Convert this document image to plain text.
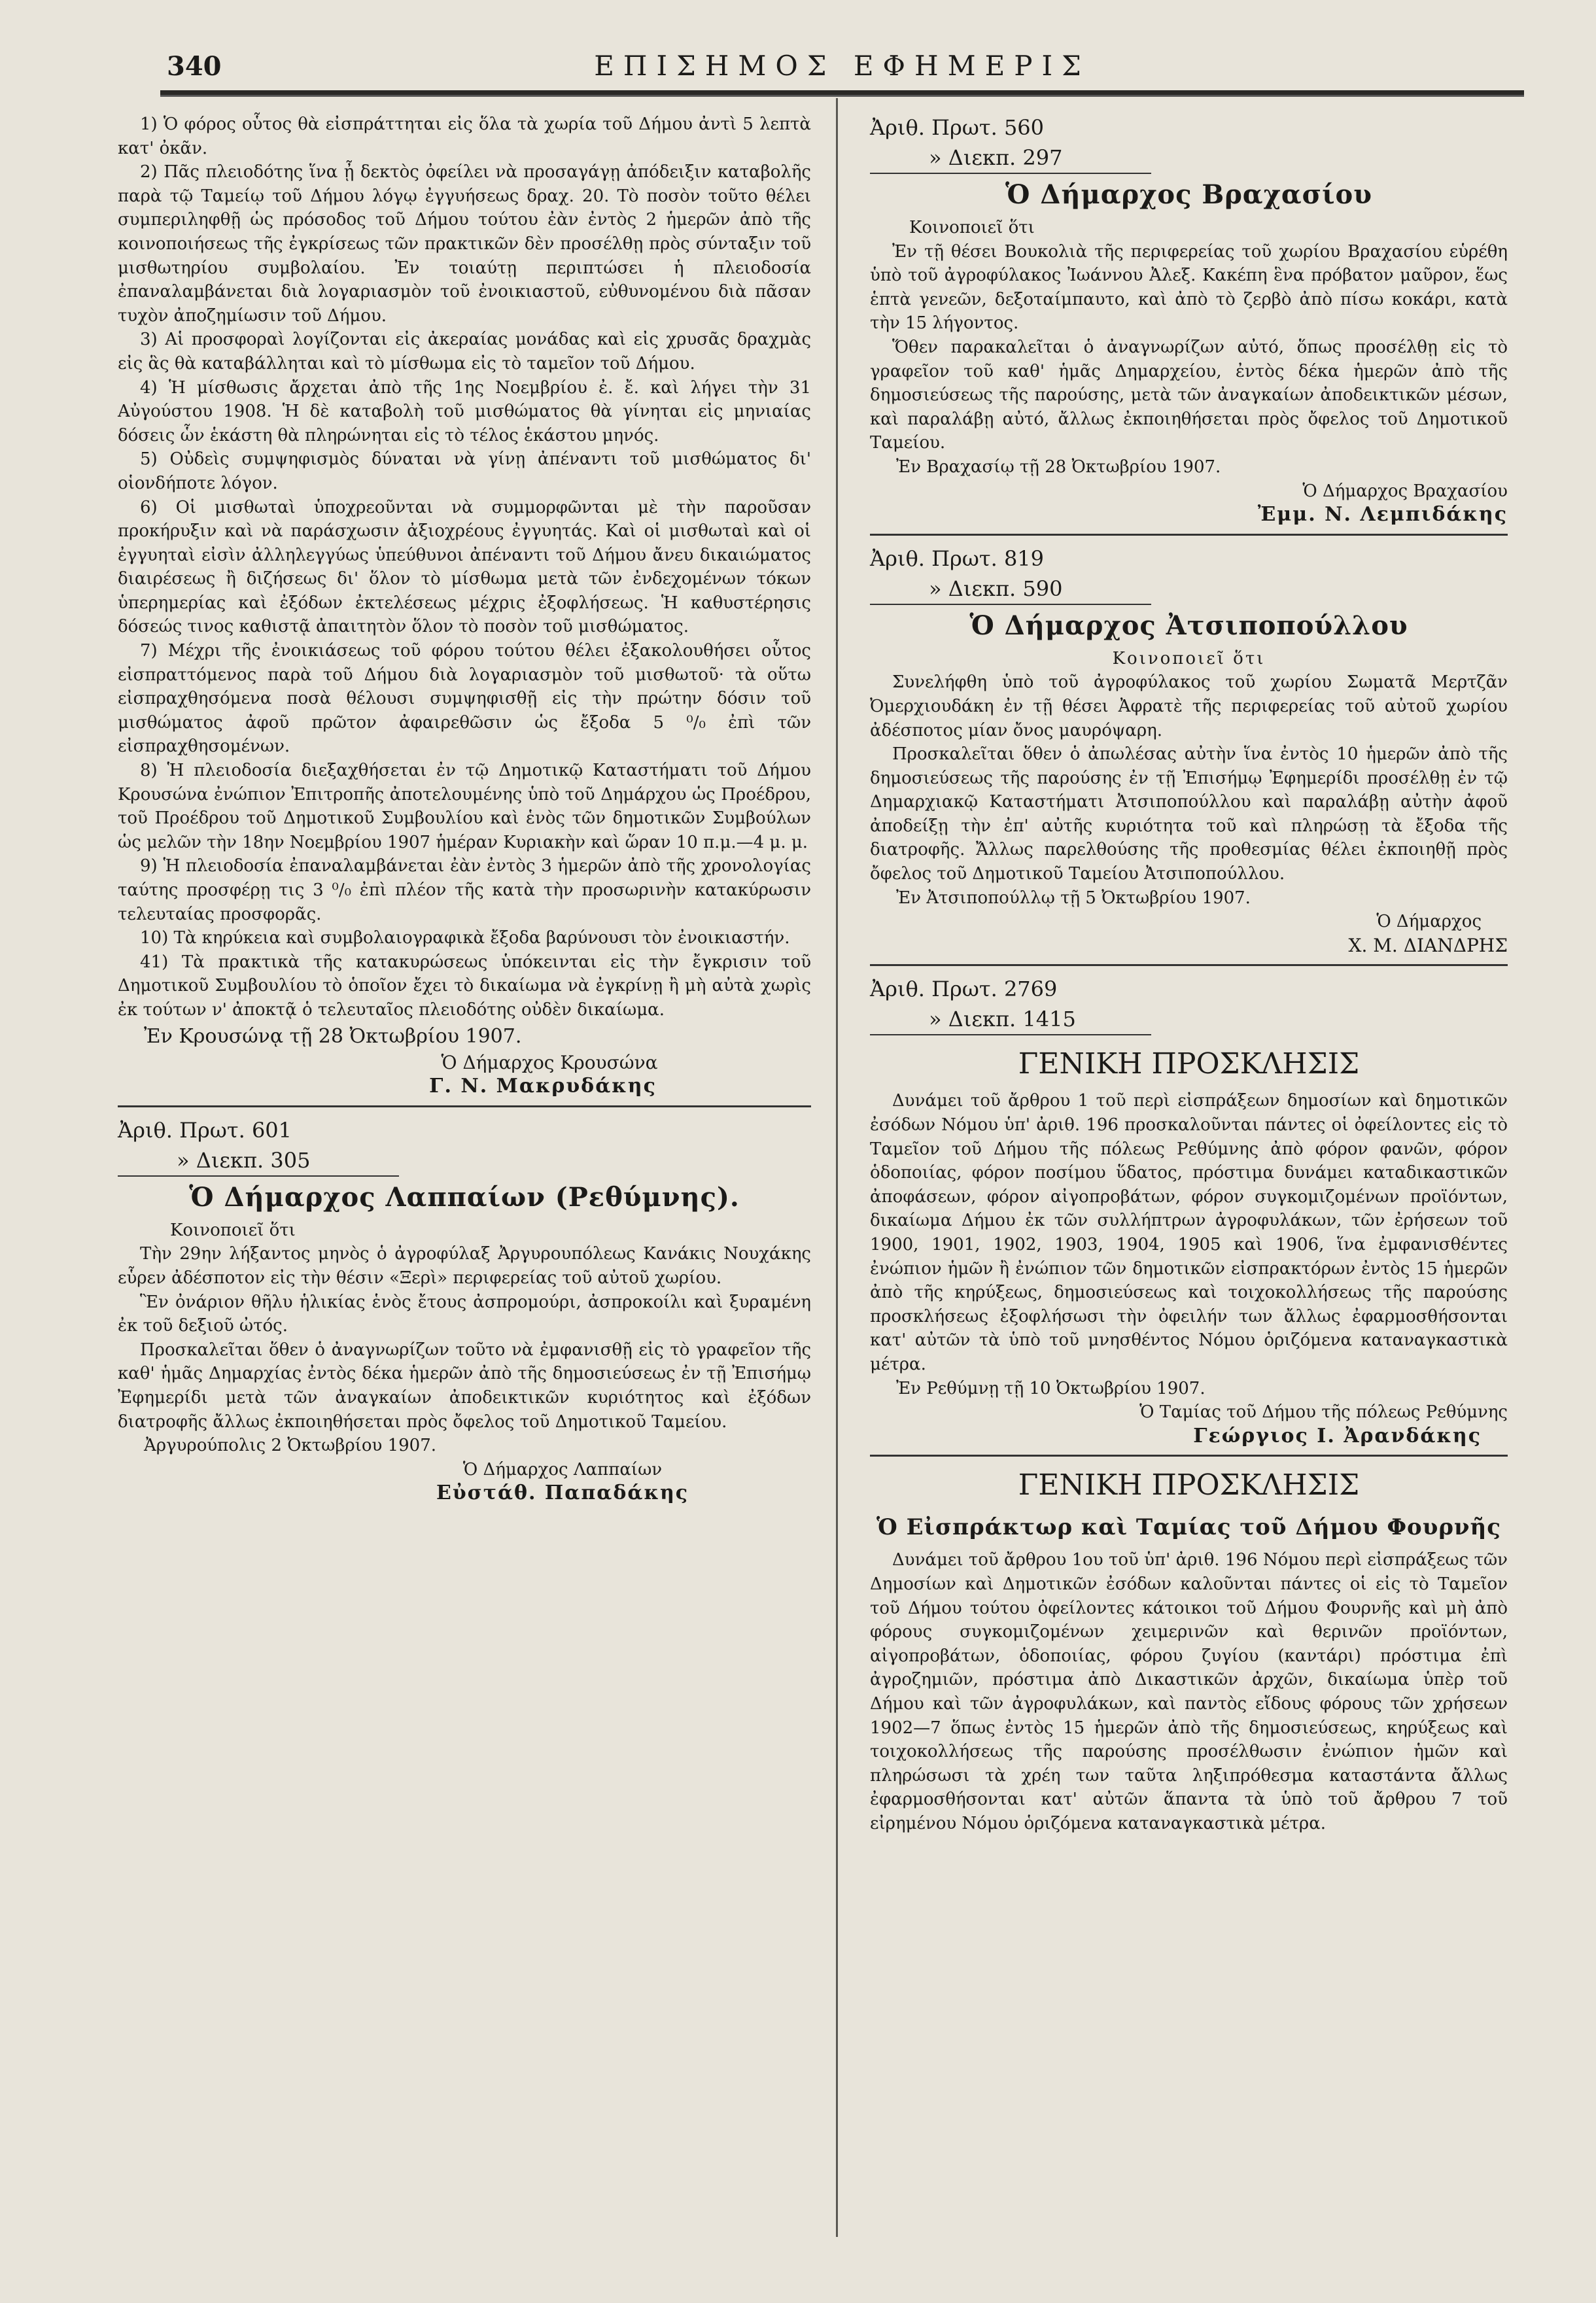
340	ΕΠΙΣΗΜΟΣ ΕΦΗΜΕΡΙΣ

1) Ὁ φόρος οὗτος θὰ εἰσπράττηται εἰς ὅλα τὰ χωρία τοῦ Δήμου ἀντὶ 5 λεπτὰ κατ' ὀκᾶν.

2) Πᾶς πλειοδότης ἵνα ᾖ δεκτὸς ὀφείλει νὰ προσαγάγῃ ἀπόδειξιν καταβολῆς παρὰ τῷ Ταμείῳ τοῦ Δήμου λόγῳ ἐγγυήσεως δραχ. 20. Τὸ ποσὸν τοῦτο θέλει συμπεριληφθῇ ὡς πρόσοδος τοῦ Δήμου τούτου ἐὰν ἐντὸς 2 ἡμερῶν ἀπὸ τῆς κοινοποιήσεως τῆς ἐγκρίσεως τῶν πρακτικῶν δὲν προσέλθῃ πρὸς σύνταξιν τοῦ μισθωτηρίου συμβολαίου. Ἐν τοιαύτῃ περιπτώσει ἡ πλειοδοσία ἐπαναλαμβάνεται διὰ λογαριασμὸν τοῦ ἐνοικιαστοῦ, εὐθυνομένου διὰ πᾶσαν τυχὸν ἀποζημίωσιν τοῦ Δήμου.

3) Αἱ προσφοραὶ λογίζονται εἰς ἀκεραίας μονάδας καὶ εἰς χρυσᾶς δραχμὰς εἰς ἃς θὰ καταβάλληται καὶ τὸ μίσθωμα εἰς τὸ ταμεῖον τοῦ Δήμου.

4) Ἡ μίσθωσις ἄρχεται ἀπὸ τῆς 1ης Νοεμβρίου ἐ. ἔ. καὶ λήγει τὴν 31 Αὐγούστου 1908. Ἡ δὲ καταβολὴ τοῦ μισθώματος θὰ γίνηται εἰς μηνιαίας δόσεις ὧν ἑκάστη θὰ πληρώνηται εἰς τὸ τέλος ἑκάστου μηνός.

5) Οὐδεὶς συμψηφισμὸς δύναται νὰ γίνῃ ἀπέναντι τοῦ μισθώματος δι' οἱονδήποτε λόγον.

6) Οἱ μισθωταὶ ὑποχρεοῦνται νὰ συμμορφῶνται μὲ τὴν παροῦσαν προκήρυξιν καὶ νὰ παράσχωσιν ἀξιοχρέους ἐγγυητάς. Καὶ οἱ μισθωταὶ καὶ οἱ ἐγγυηταὶ εἰσὶν ἀλληλεγγύως ὑπεύθυνοι ἀπέναντι τοῦ Δήμου ἄνευ δικαιώματος διαιρέσεως ἢ διζήσεως δι' ὅλον τὸ μίσθωμα μετὰ τῶν ἐνδεχομένων τόκων ὑπερημερίας καὶ ἐξόδων ἐκτελέσεως μέχρις ἐξοφλήσεως. Ἡ καθυστέρησις δόσεώς τινος καθιστᾷ ἀπαιτητὸν ὅλον τὸ ποσὸν τοῦ μισθώματος.

7) Μέχρι τῆς ἐνοικιάσεως τοῦ φόρου τούτου θέλει ἐξακολουθήσει οὗτος εἰσπραττόμενος παρὰ τοῦ Δήμου διὰ λογαριασμὸν τοῦ μισθωτοῦ· τὰ οὕτω εἰσπραχθησόμενα ποσὰ θέλουσι συμψηφισθῇ εἰς τὴν πρώτην δόσιν τοῦ μισθώματος ἀφοῦ πρῶτον ἀφαιρεθῶσιν ὡς ἔξοδα 5 ⁰/₀ ἐπὶ τῶν εἰσπραχθησομένων.

8) Ἡ πλειοδοσία διεξαχθήσεται ἐν τῷ Δημοτικῷ Καταστήματι τοῦ Δήμου Κρουσώνα ἐνώπιον Ἐπιτροπῆς ἀποτελουμένης ὑπὸ τοῦ Δημάρχου ὡς Προέδρου, τοῦ Προέδρου τοῦ Δημοτικοῦ Συμβουλίου καὶ ἑνὸς τῶν δημοτικῶν Συμβούλων ὡς μελῶν τὴν 18ην Νοεμβρίου 1907 ἡμέραν Κυριακὴν καὶ ὥραν 10 π.μ.—4 μ. μ.

9) Ἡ πλειοδοσία ἐπαναλαμβάνεται ἐὰν ἐντὸς 3 ἡμερῶν ἀπὸ τῆς χρονολογίας ταύτης προσφέρῃ τις 3 ⁰/₀ ἐπὶ πλέον τῆς κατὰ τὴν προσωρινὴν κατακύρωσιν τελευταίας προσφορᾶς.

10) Τὰ κηρύκεια καὶ συμβολαιογραφικὰ ἔξοδα βαρύνουσι τὸν ἐνοικιαστήν.

41) Τὰ πρακτικὰ τῆς κατακυρώσεως ὑπόκεινται εἰς τὴν ἔγκρισιν τοῦ Δημοτικοῦ Συμβουλίου τὸ ὁποῖον ἔχει τὸ δικαίωμα νὰ ἐγκρίνῃ ἢ μὴ αὐτὰ χωρὶς ἐκ τούτων ν' ἀποκτᾷ ὁ τελευταῖος πλειοδότης οὐδὲν δικαίωμα.

Ἐν Κρουσώνᾳ τῇ 28 Ὀκτωβρίου 1907.
Ὁ Δήμαρχος Κρουσώνα
Γ. Ν. Μακρυδάκης
Ἀριθ. Πρωτ. 601
» Διεκπ. 305
Ὁ Δήμαρχος Λαππαίων (Ρεθύμνης).
Κοινοποιεῖ ὅτι

Τὴν 29ην λήξαντος μηνὸς ὁ ἀγροφύλαξ Ἀργυρουπόλεως Κανάκις Νουχάκης εὗρεν ἀδέσποτον εἰς τὴν θέσιν «Ξερὶ» περιφερείας τοῦ αὐτοῦ χωρίου.

Ἓν ὀνάριον θῆλυ ἡλικίας ἑνὸς ἔτους ἀσπρομούρι, ἀσπροκοίλι καὶ ξυραμένη ἐκ τοῦ δεξιοῦ ὠτός.

Προσκαλεῖται ὅθεν ὁ ἀναγνωρίζων τοῦτο νὰ ἐμφανισθῇ εἰς τὸ γραφεῖον τῆς καθ' ἡμᾶς Δημαρχίας ἐντὸς δέκα ἡμερῶν ἀπὸ τῆς δημοσιεύσεως ἐν τῇ Ἐπισήμῳ Ἐφημερίδι μετὰ τῶν ἀναγκαίων ἀποδεικτικῶν κυριότητος καὶ ἐξόδων διατροφῆς ἄλλως ἐκποιηθήσεται πρὸς ὄφελος τοῦ Δημοτικοῦ Ταμείου.

Ἀργυρούπολις 2 Ὀκτωβρίου 1907.
Ὁ Δήμαρχος Λαππαίων
Εὐστάθ. Παπαδάκης
Ἀριθ. Πρωτ. 560
» Διεκπ. 297
Ὁ Δήμαρχος Βραχασίου
Κοινοποιεῖ ὅτι

Ἐν τῇ θέσει Βουκολιὰ τῆς περιφερείας τοῦ χωρίου Βραχασίου εὑρέθη ὑπὸ τοῦ ἀγροφύλακος Ἰωάννου Ἀλεξ. Κακέπη ἓνα πρόβατον μαῦρον, ἕως ἑπτὰ γενεῶν, δεξοταίμπαυτο, καὶ ἀπὸ τὸ ζερβὸ ἀπὸ πίσω κοκάρι, κατὰ τὴν 15 λήγοντος.

Ὅθεν παρακαλεῖται ὁ ἀναγνωρίζων αὐτό, ὅπως προσέλθῃ εἰς τὸ γραφεῖον τοῦ καθ' ἡμᾶς Δημαρχείου, ἐντὸς δέκα ἡμερῶν ἀπὸ τῆς δημοσιεύσεως τῆς παρούσης, μετὰ τῶν ἀναγκαίων ἀποδεικτικῶν μέσων, καὶ παραλάβῃ αὐτό, ἄλλως ἐκποιηθήσεται πρὸς ὄφελος τοῦ Δημοτικοῦ Ταμείου.

Ἐν Βραχασίῳ τῇ 28 Ὀκτωβρίου 1907.
Ὁ Δήμαρχος Βραχασίου
Ἐμμ. Ν. Λεμπιδάκης
Ἀριθ. Πρωτ. 819
» Διεκπ. 590
Ὁ Δήμαρχος Ἀτσιποπούλλου
Κοινοποιεῖ ὅτι

Συνελήφθη ὑπὸ τοῦ ἀγροφύλακος τοῦ χωρίου Σωματᾶ Μερτζᾶν Ὀμερχιουδάκη ἐν τῇ θέσει Ἀφρατὲ τῆς περιφερείας τοῦ αὐτοῦ χωρίου ἀδέσποτος μίαν ὄνος μαυρόψαρη.

Προσκαλεῖται ὅθεν ὁ ἀπωλέσας αὐτὴν ἵνα ἐντὸς 10 ἡμερῶν ἀπὸ τῆς δημοσιεύσεως τῆς παρούσης ἐν τῇ Ἐπισήμῳ Ἐφημερίδι προσέλθῃ ἐν τῷ Δημαρχιακῷ Καταστήματι Ἀτσιποπούλλου καὶ παραλάβῃ αὐτὴν ἀφοῦ ἀποδείξῃ τὴν ἐπ' αὐτῆς κυριότητα τοῦ καὶ πληρώσῃ τὰ ἔξοδα τῆς διατροφῆς. Ἄλλως παρελθούσης τῆς προθεσμίας θέλει ἐκποιηθῇ πρὸς ὄφελος τοῦ Δημοτικοῦ Ταμείου Ἀτσιποπούλλου.

Ἐν Ἀτσιποπούλλῳ τῇ 5 Ὀκτωβρίου 1907.
Ὁ Δήμαρχος
Χ. Μ. ΔΙΑΝΔΡΗΣ
Ἀριθ. Πρωτ. 2769
» Διεκπ. 1415
ΓΕΝΙΚΗ ΠΡΟΣΚΛΗΣΙΣ

Δυνάμει τοῦ ἄρθρου 1 τοῦ περὶ εἰσπράξεων δημοσίων καὶ δημοτικῶν ἐσόδων Νόμου ὑπ' ἀριθ. 196 προσκαλοῦνται πάντες οἱ ὀφείλοντες εἰς τὸ Ταμεῖον τοῦ Δήμου τῆς πόλεως Ρεθύμνης ἀπὸ φόρον φανῶν, φόρον ὁδοποιίας, φόρον ποσίμου ὕδατος, πρόστιμα δυνάμει καταδικαστικῶν ἀποφάσεων, φόρον αἰγοπροβάτων, φόρον συγκομιζομένων προϊόντων, δικαίωμα Δήμου ἐκ τῶν συλλήπτρων ἀγροφυλάκων, τῶν ἐρήσεων τοῦ 1900, 1901, 1902, 1903, 1904, 1905 καὶ 1906, ἵνα ἐμφανισθέντες ἐνώπιον ἡμῶν ἢ ἐνώπιον τῶν δημοτικῶν εἰσπρακτόρων ἐντὸς 15 ἡμερῶν ἀπὸ τῆς κηρύξεως, δημοσιεύσεως καὶ τοιχοκολλήσεως τῆς παρούσης προσκλήσεως ἐξοφλήσωσι τὴν ὀφειλήν των ἄλλως ἐφαρμοσθήσονται κατ' αὐτῶν τὰ ὑπὸ τοῦ μνησθέντος Νόμου ὁριζόμενα καταναγκαστικὰ μέτρα.

Ἐν Ρεθύμνῃ τῇ 10 Ὀκτωβρίου 1907.
Ὁ Ταμίας τοῦ Δήμου τῆς πόλεως Ρεθύμνης
Γεώργιος Ι. Ἀρανδάκης
ΓΕΝΙΚΗ ΠΡΟΣΚΛΗΣΙΣ
Ὁ Εἰσπράκτωρ καὶ Ταμίας τοῦ Δήμου Φουρνῆς

Δυνάμει τοῦ ἄρθρου 1ου τοῦ ὑπ' ἀριθ. 196 Νόμου περὶ εἰσπράξεως τῶν Δημοσίων καὶ Δημοτικῶν ἐσόδων καλοῦνται πάντες οἱ εἰς τὸ Ταμεῖον τοῦ Δήμου τούτου ὀφείλοντες κάτοικοι τοῦ Δήμου Φουρνῆς καὶ μὴ ἀπὸ φόρους συγκομιζομένων χειμερινῶν καὶ θερινῶν προϊόντων, αἰγοπροβάτων, ὁδοποιίας, φόρου ζυγίου (καντάρι) πρόστιμα ἐπὶ ἀγροζημιῶν, πρόστιμα ἀπὸ Δικαστικῶν ἀρχῶν, δικαίωμα ὑπὲρ τοῦ Δήμου καὶ τῶν ἀγροφυλάκων, καὶ παντὸς εἴδους φόρους τῶν χρήσεων 1902—7 ὅπως ἐντὸς 15 ἡμερῶν ἀπὸ τῆς δημοσιεύσεως, κηρύξεως καὶ τοιχοκολλήσεως τῆς παρούσης προσέλθωσιν ἐνώπιον ἡμῶν καὶ πληρώσωσι τὰ χρέη των ταῦτα ληξιπρόθεσμα καταστάντα ἄλλως ἐφαρμοσθήσονται κατ' αὐτῶν ἅπαντα τὰ ὑπὸ τοῦ ἄρθρου 7 τοῦ εἰρημένου Νόμου ὁριζόμενα καταναγκαστικὰ μέτρα.
